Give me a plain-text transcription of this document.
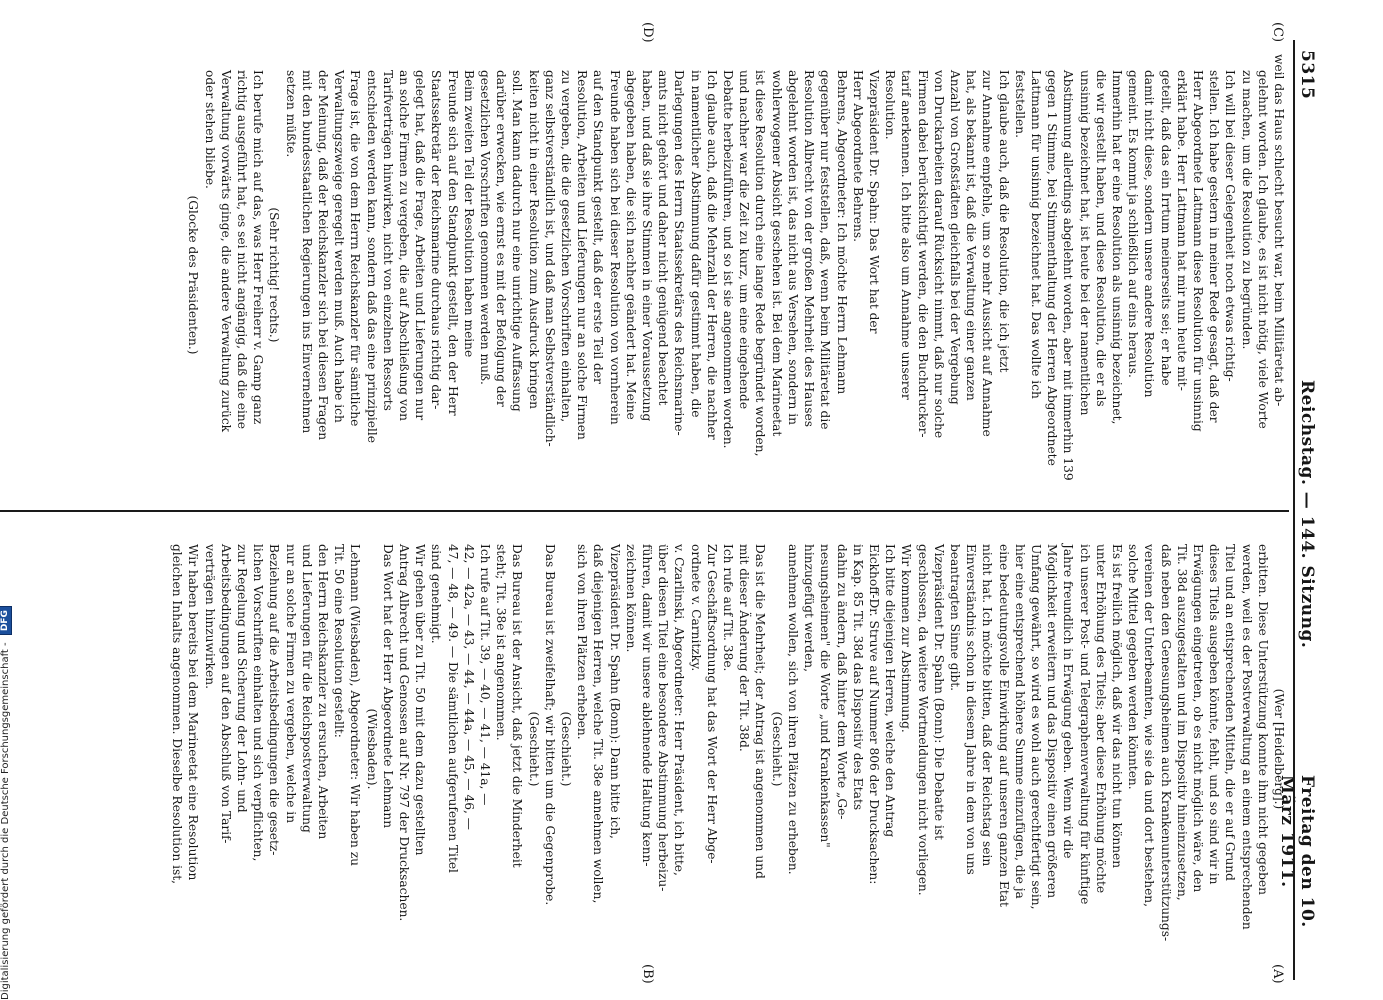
5315
Reichstag. — 144. Sitzung.
Freitag den 10. März 1911.
(C)
(D)
(A)
(B)

weil das Haus schlecht besucht war, beim Militäretat ab-

gelehnt worden. Ich glaube, es ist nicht nötig, viele Worte

zu machen, um die Resolution zu begründen.

Ich will bei dieser Gelegenheit noch etwas richtig-

stellen. Ich habe gestern in meiner Rede gesagt, daß der

Herr Abgeordnete Lattmann diese Resolution für unsinnig

erklärt habe. Herr Lattmann hat mir nun heute mit-

geteilt, daß das ein Irrtum meinerseits sei; er habe

damit nicht diese, sondern unsere andere Resolution

gemeint. Es kommt ja schließlich auf eins heraus.

Immerhin hat er eine Resolution als unsinnig bezeichnet,

die wir gestellt haben, und diese Resolution, die er als

unsinnig bezeichnet hat, ist heute bei der namentlichen

Abstimmung allerdings abgelehnt worden, aber mit immerhin 139

gegen 1 Stimme, bei Stimmenthaltung der Herren Abgeordnete

Lattmann für unsinnig bezeichnet hat. Das wollte ich

feststellen.

Ich glaube auch, daß die Resolution, die ich jetzt

zur Annahme empfehle, um so mehr Aussicht auf Annahme

hat, als bekannt ist, daß die Verwaltung einer ganzen

Anzahl von Großstädten gleichfalls bei der Vergebung

von Druckarbeiten darauf Rücksicht nimmt, daß nur solche

Firmen dabei berücksichtigt werden, die den Buchdrucker-

tarif anerkennen. Ich bitte also um Annahme unserer

Resolution.

Vizepräsident Dr. Spahn: Das Wort hat der

Herr Abgeordnete Behrens.

Behrens, Abgeordneter: Ich möchte Herrn Lehmann

gegenüber nur feststellen, daß, wenn beim Militäretat die

Resolution Albrecht von der großen Mehrheit des Hauses

abgelehnt worden ist, das nicht aus Versehen, sondern in

wohlerwogener Absicht geschehen ist. Bei dem Marineetat

ist diese Resolution durch eine lange Rede begründet worden,

und nachher war die Zeit zu kurz, um eine eingehende

Debatte herbeizuführen, und so ist sie angenommen worden.

Ich glaube auch, daß die Mehrzahl der Herren, die nachher

in namentlicher Abstimmung dafür gestimmt haben, die

Darlegungen des Herrn Staatssekretärs des Reichsmarine-

amts nicht gehört und daher nicht genügend beachtet

haben, und daß sie ihre Stimmen in einer Voraussetzung

abgegeben haben, die sich nachher geändert hat. Meine

Freunde haben sich bei dieser Resolution von vornherein

auf den Standpunkt gestellt, daß der erste Teil der

Resolution, Arbeiten und Lieferungen nur an solche Firmen

zu vergeben, die die gesetzlichen Vorschriften einhalten,

ganz selbstverständlich ist, und daß man Selbstverständlich-

keiten nicht in einer Resolution zum Ausdruck bringen

soll. Man kann dadurch nur eine unrichtige Auffassung

darüber erwecken, wie ernst es mit der Befolgung der

gesetzlichen Vorschriften genommen werden muß.

Beim zweiten Teil der Resolution haben meine

Freunde sich auf den Standpunkt gestellt, den der Herr

Staatssekretär der Reichsmarine durchaus richtig dar-

gelegt hat, daß die Frage, Arbeiten und Lieferungen nur

an solche Firmen zu vergeben, die auf Abschließung von

Tarifverträgen hinwirken, nicht von einzelnen Ressorts

entschieden werden kann, sondern daß das eine prinzipielle

Frage ist, die von dem Herrn Reichskanzler für sämtliche

Verwaltungszweige geregelt werden muß. Auch habe ich

der Meinung, daß der Reichskanzler sich bei diesen Fragen

mit den bundesstaatlichen Regierungen ins Einvernehmen

setzen müßte.

(Sehr richtig! rechts.)

Ich berufe mich auf das, was Herr Freiherr v. Gamp ganz

richtig ausgeführt hat, es sei nicht angängig, daß die eine

Verwaltung vorwärts ginge, die andere Verwaltung zurück

oder stehen bliebe.

(Glocke des Präsidenten.)

(Wer [Heidelberg].)

erbitten. Diese Unterstützung konnte ihm nicht gegeben

werden, weil es der Postverwaltung an einem entsprechenden

Titel und an entsprechenden Mitteln, die er auf Grund

dieses Titels ausgeben könnte, fehlt, und so sind wir in

Erwägungen eingetreten, ob es nicht möglich wäre, den

Tit. 38d auszugestalten und im Dispositiv hineinzusetzen,

daß neben den Genesungsheimen auch Krankenunterstützungs-

vereinen der Unterbeamten, wie sie da und dort bestehen,

solche Mittel gegeben werden könnten.

Es ist freilich möglich, daß wir das nicht tun können

unter Erhöhung des Titels; aber diese Erhöhung möchte

ich unserer Post- und Telegraphenverwaltung für künftige

Jahre freundlich in Erwägung geben. Wenn wir die

Möglichkeit erweitern und das Dispositiv einen größeren

Umfang gewährt, so wird es wohl auch gerechtfertigt sein,

hier eine entsprechend höhere Summe einzufügen, die ja

eine bedeutungsvolle Einwirkung auf unseren ganzen Etat

nicht hat. Ich möchte bitten, daß der Reichstag sein

Einverständnis schon in diesem Jahre in dem von uns

beantragten Sinne gibt.

Vizepräsident Dr. Spahn (Bonn): Die Debatte ist

geschlossen, da weitere Wortmeldungen nicht vorliegen.

Wir kommen zur Abstimmung.

Ich bitte diejenigen Herren, welche den Antrag

Eickhoff-Dr. Struve auf Nummer 806 der Drucksachen:

in Kap. 85 Tit. 38d das Dispositiv des Etats

dahin zu ändern, daß hinter dem Worte „Ge-

nesungsheimen" die Worte „und Krankenkassen"

hinzugefügt werden,

annehmen wollen, sich von ihren Plätzen zu erheben.

(Geschieht.)

Das ist die Mehrheit; der Antrag ist angenommen und

mit dieser Änderung der Tit. 38d.

Ich rufe auf Tit. 38e.

Zur Geschäftsordnung hat das Wort der Herr Abge-

ordnete v. Carnitzky.

v. Czarlinski, Abgeordneter: Herr Präsident, ich bitte,

über diesen Titel eine besondere Abstimmung herbeizu-

führen, damit wir unsere ablehnende Haltung kenn-

zeichnen können.

Vizepräsident Dr. Spahn (Bonn): Dann bitte ich,

daß diejenigen Herren, welche Tit. 38e annehmen wollen,

sich von ihren Plätzen erheben.

(Geschieht.)

Das Bureau ist zweifelhaft; wir bitten um die Gegenprobe.

(Geschieht.)

Das Bureau ist der Ansicht, daß jetzt die Minderheit

steht; Tit. 38e ist angenommen.

Ich rufe auf Tit. 39, — 40, — 41, — 41a, —

42, — 42a, — 43, — 44, — 44a, — 45, — 46, —

47, — 48, — 49. — Die sämtlichen aufgerufenen Titel

sind genehmigt.

Wir gehen über zu Tit. 50 mit dem dazu gestellten

Antrag Albrecht und Genossen auf Nr. 797 der Drucksachen.

Das Wort hat der Herr Abgeordnete Lehmann

(Wiesbaden).

Lehmann (Wiesbaden), Abgeordneter: Wir haben zu

Tit. 50 eine Resolution gestellt:

den Herrn Reichskanzler zu ersuchen, Arbeiten

und Lieferungen für die Reichspostverwaltung

nur an solche Firmen zu vergeben, welche in

Beziehung auf die Arbeitsbedingungen die gesetz-

lichen Vorschriften einhalten und sich verpflichten,

zur Regelung und Sicherung der Lohn- und

Arbeitsbedingungen auf den Abschluß von Tarif-

verträgen hinzuwirken.

Wir haben bereits bei dem Marineetat eine Resolution

gleichen Inhalts angenommen. Dieselbe Resolution ist,

Digitalisierung gefördert durch die Deutsche Forschungsgemeinschaft - DFG
